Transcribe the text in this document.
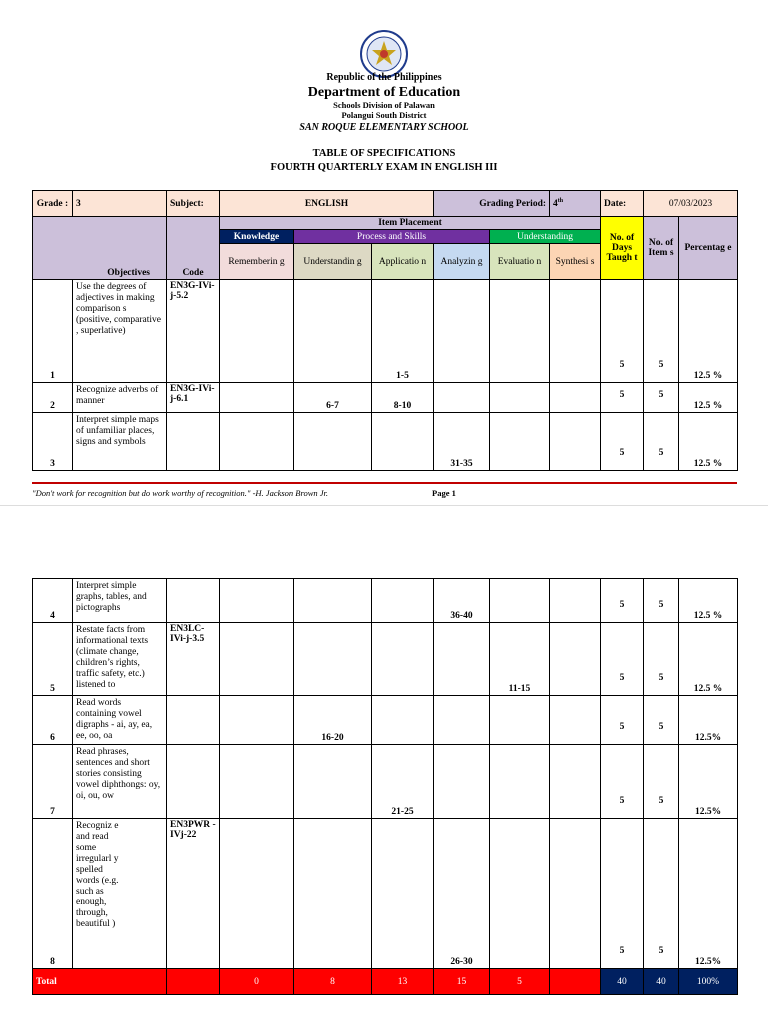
Republic of the Philippines
Department of Education
Schools Division of Palawan
Polangui South District
SAN ROQUE ELEMENTARY SCHOOL
TABLE OF SPECIFICATIONS
FOURTH QUARTERLY EXAM IN ENGLISH III
Grade :	3	Subject:	ENGLISH			Grading Period:		4th	Date:	07/03/2023	
Objectives		Code	Item Placement						No. of Days Taugh t	No. of Item s	Percentag e
			Knowledge	Process and Skills			Understanding				
			Rememberin g	Understandin g	Applicatio n	Analyzin g	Evaluatio n	Synthesi s			
1	Use the degrees of adjectives in making comparison s (positive, comparative , superlative)	EN3G-IVi-j-5.2			1-5				5	5	12.5 %
2	Recognize adverbs of manner	EN3G-IVi-j-6.1		6-7	8-10				5	5	12.5 %
3	Interpret simple maps of unfamiliar places, signs and symbols					31-35			5	5	12.5 %
"Don't work for recognition but do work worthy of recognition." -H. Jackson Brown Jr.	Page 1
4	Interpret simple graphs, tables, and pictographs					36-40			5	5	12.5 %
5	Restate facts from informational texts (climate change, children’s rights, traffic safety, etc.) listened to	EN3LC-IVi-j-3.5					11-15		5	5	12.5 %
6	Read words containing vowel digraphs - ai, ay, ea, ee, oo, oa			16-20					5	5	12.5%
7	Read phrases, sentences and short stories consisting vowel diphthongs: oy, oi, ou, ow				21-25				5	5	12.5%
8	Recogniz e and read some irregularl y spelled words (e.g. such as enough, through, beautiful )	EN3PWR -IVj-22				26-30			5	5	12.5%
Total			0	8	13	15	5		40	40	100%
